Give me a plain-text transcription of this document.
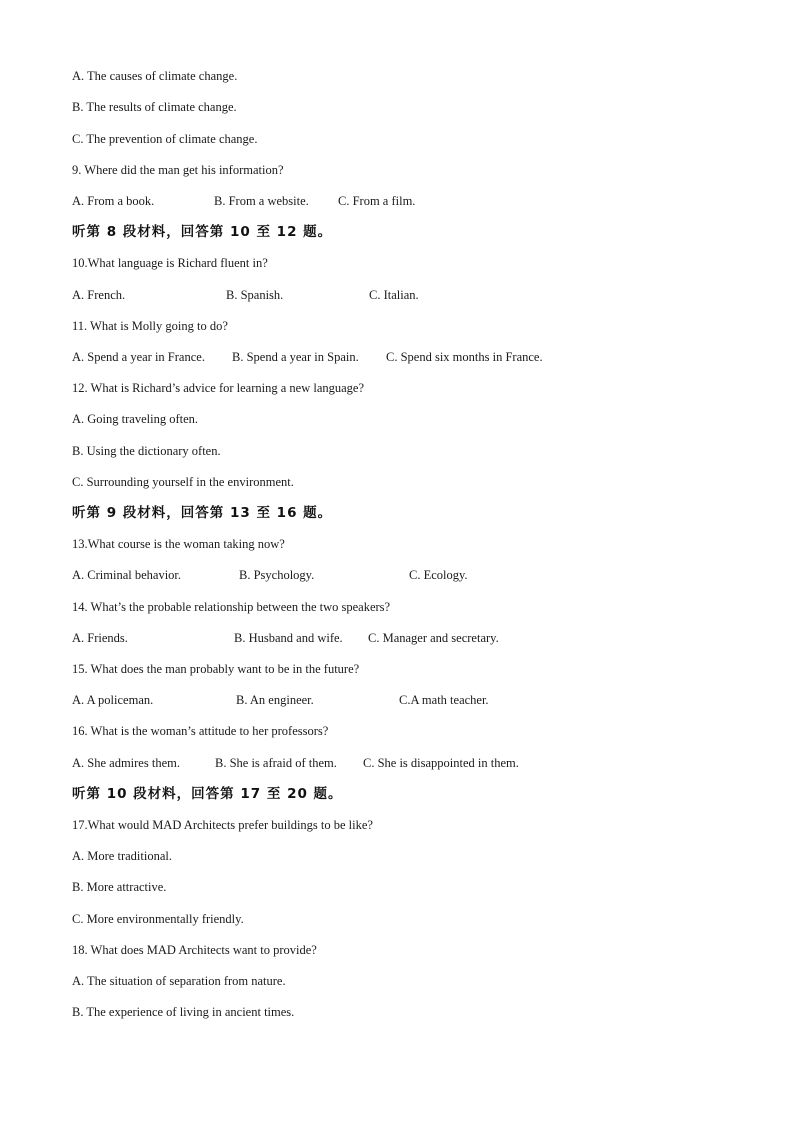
A. The causes of climate change.
B. The results of climate change.
C. The prevention of climate change.
9. Where did the man get his information?
A. From a book.	B. From a website. C. From a film.
听第 8 段材料，回答第 10 至 12 题。
10.What language is Richard fluent in?
A. French.	B. Spanish.	C. Italian.
11. What is Molly going to do?
A. Spend a year in France. B. Spend a year in Spain. C. Spend six months in France.
12. What is Richard’s advice for learning a new language?
A. Going traveling often.
B. Using the dictionary often.
C. Surrounding yourself in the environment.
听第 9 段材料，回答第 13 至 16 题。
13.What course is the woman taking now?
A. Criminal behavior.	B. Psychology.	C. Ecology.
14. What’s the probable relationship between the two speakers?
A. Friends.	B. Husband and wife. C. Manager and secretary.
15. What does the man probably want to be in the future?
A. A policeman.	B. An engineer.	C.A math teacher.
16. What is the woman’s attitude to her professors?
A. She admires them.	B. She is afraid of them. C. She is disappointed in them.
听第 10 段材料，回答第 17 至 20 题。
17.What would MAD Architects prefer buildings to be like?
A. More traditional.
B. More attractive.
C. More environmentally friendly.
18. What does MAD Architects want to provide?
A. The situation of separation from nature.
B. The experience of living in ancient times.
